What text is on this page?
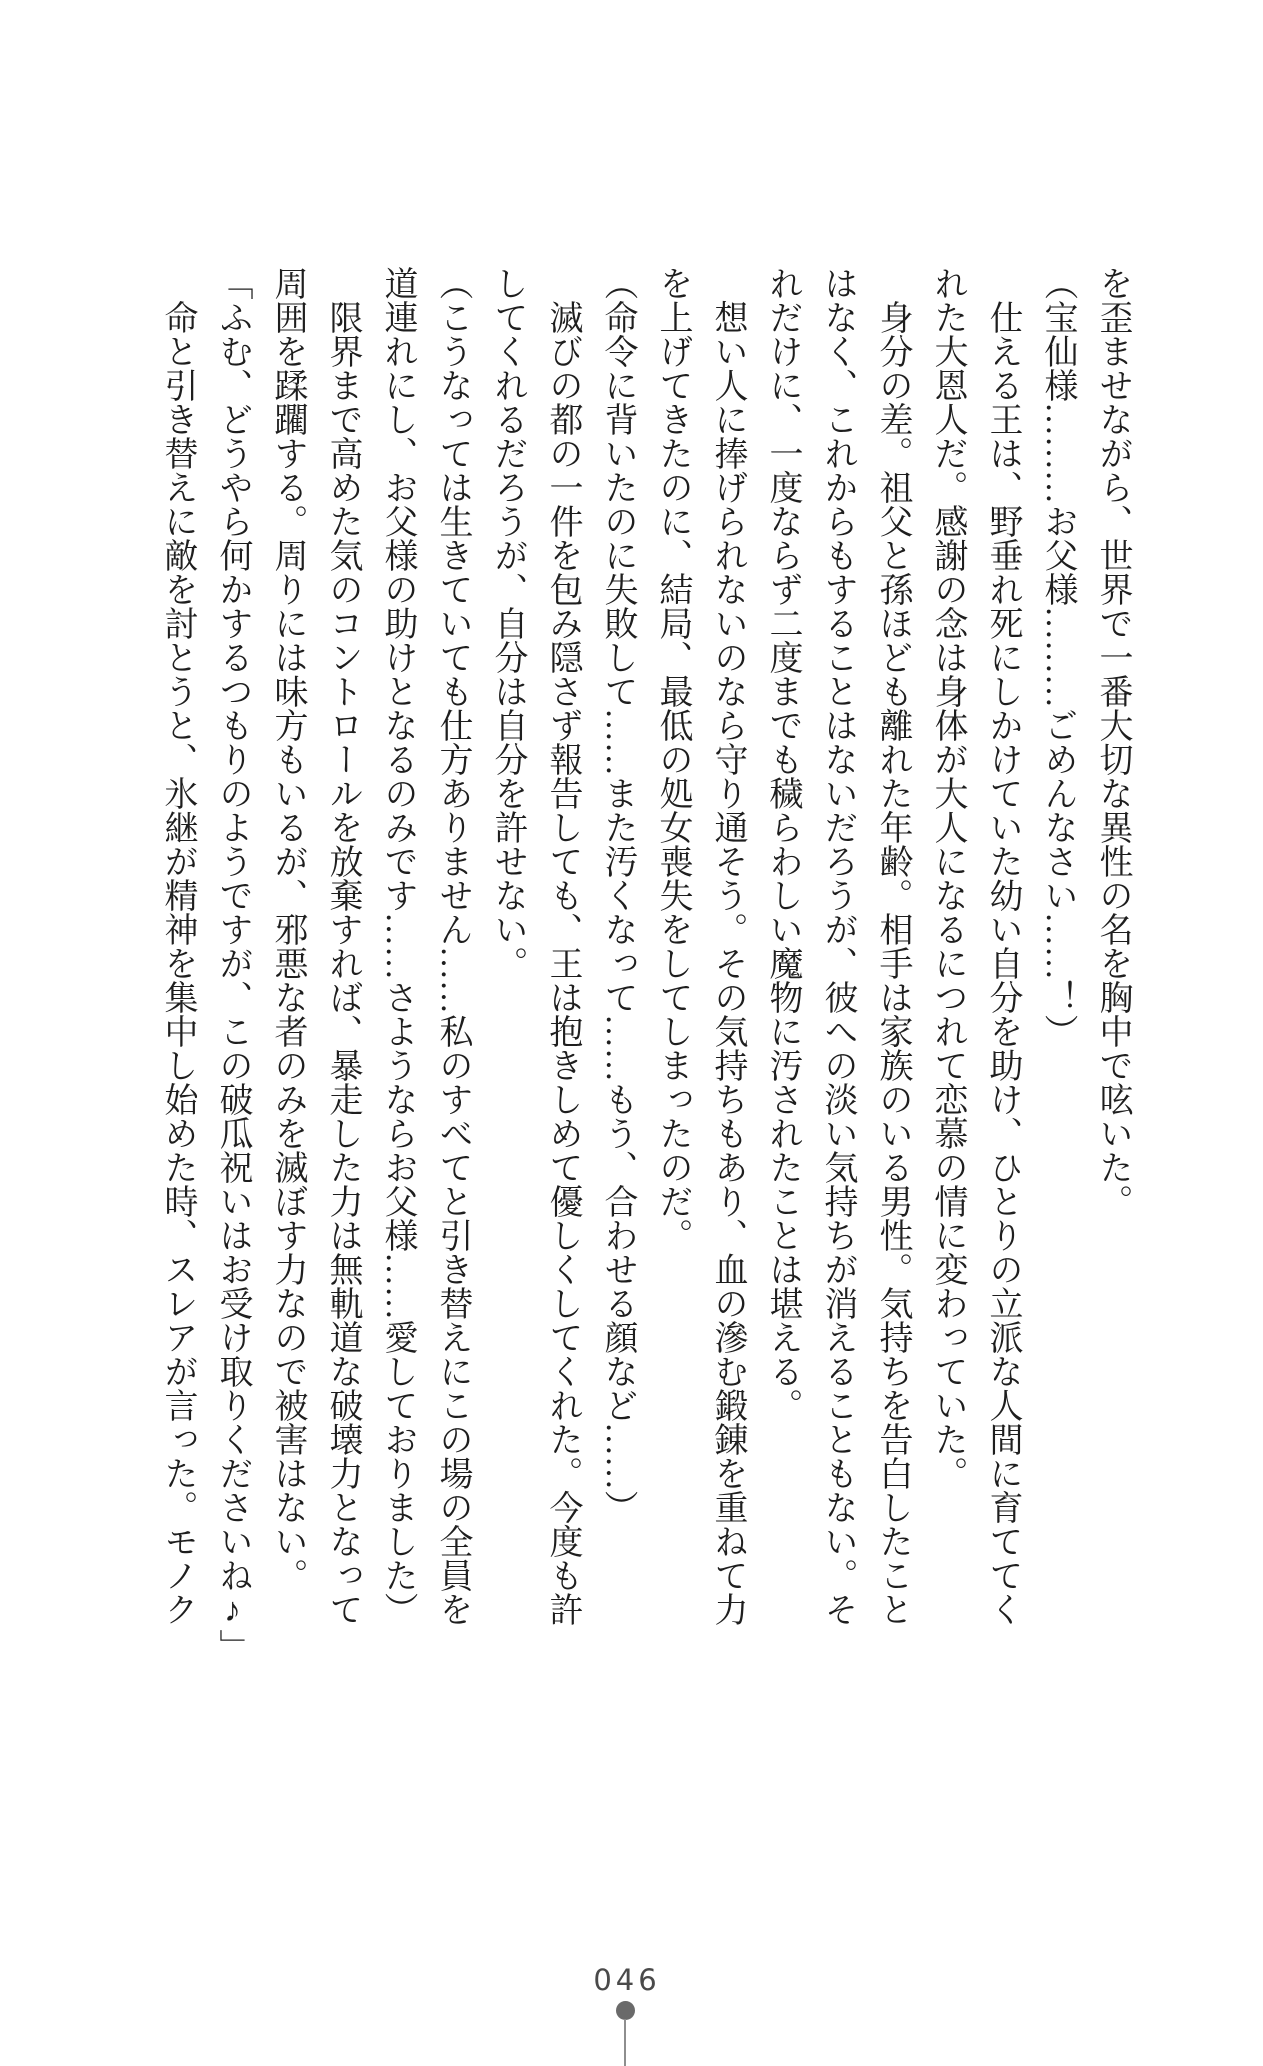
を歪ませながら、世界で一番大切な異性の名を胸中で呟いた。
（宝仙様………お父様………ごめんなさい……！）
　仕える王は、野垂れ死にしかけていた幼い自分を助け、ひとりの立派な人間に育ててく
れた大恩人だ。感謝の念は身体が大人になるにつれて恋慕の情に変わっていた。
　身分の差。祖父と孫ほども離れた年齢。相手は家族のいる男性。気持ちを告白したこと
はなく、これからもすることはないだろうが、彼への淡い気持ちが消えることもない。そ
れだけに、一度ならず二度までも穢らわしい魔物に汚されたことは堪える。
　想い人に捧げられないのなら守り通そう。その気持ちもあり、血の滲む鍛錬を重ねて力
を上げてきたのに、結局、最低の処女喪失をしてしまったのだ。
（命令に背いたのに失敗して……また汚くなって……もう、合わせる顔など……）
　滅びの都の一件を包み隠さず報告しても、王は抱きしめて優しくしてくれた。今度も許
してくれるだろうが、自分は自分を許せない。
（こうなっては生きていても仕方ありません……私のすべてと引き替えにこの場の全員を
道連れにし、お父様の助けとなるのみです……さようならお父様……愛しておりました）
　限界まで高めた気のコントロールを放棄すれば、暴走した力は無軌道な破壊力となって
周囲を蹂躙する。周りには味方もいるが、邪悪な者のみを滅ぼす力なので被害はない。
「ふむ、どうやら何かするつもりのようですが、この破瓜祝いはお受け取りくださいね♪」
　命と引き替えに敵を討とうと、氷継が精神を集中し始めた時、スレアが言った。モノク
046
